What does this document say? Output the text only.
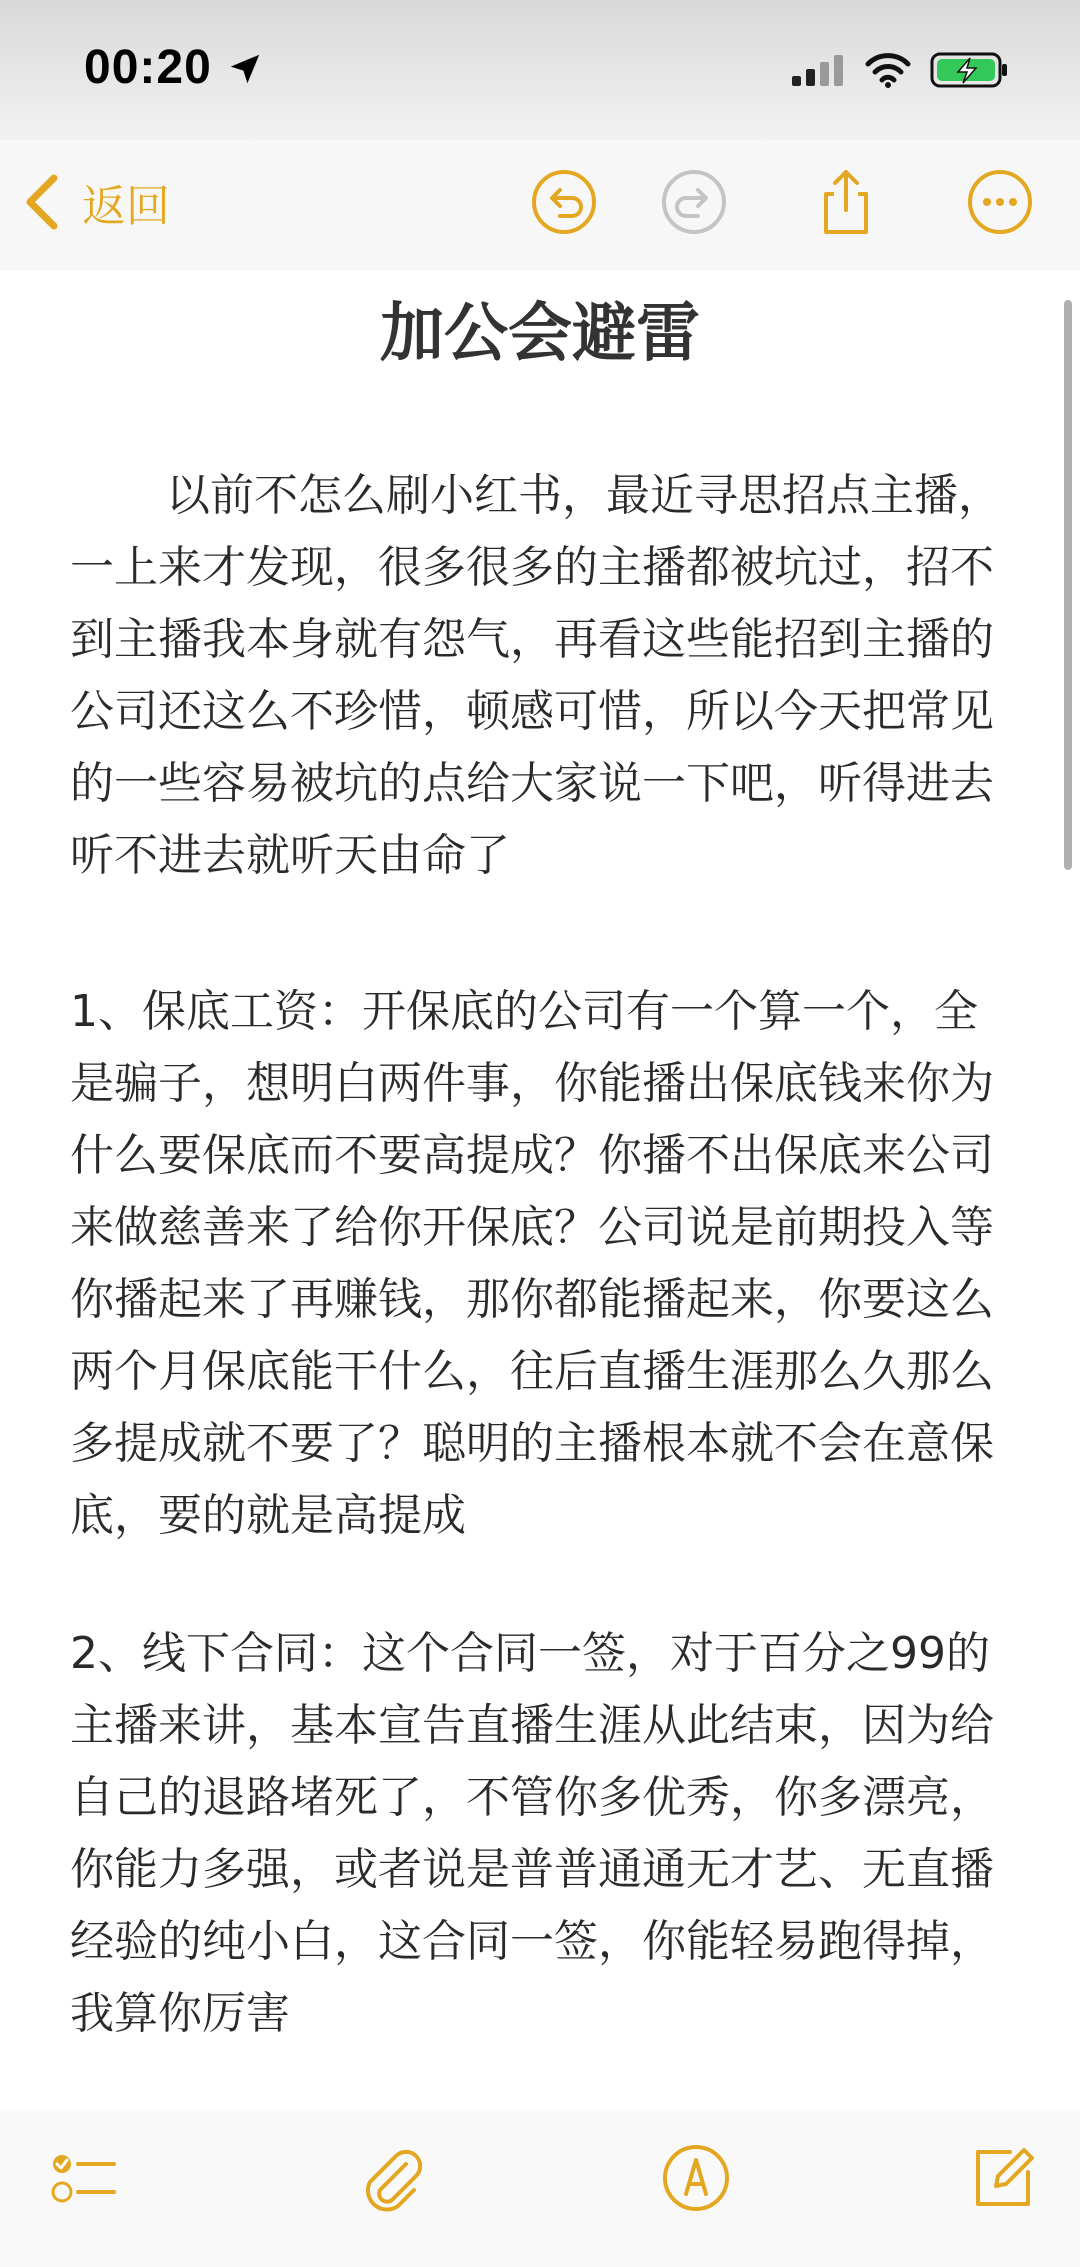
00:20
返回
加公会避雷

以前不怎么刷小红书，最近寻思招点主播，一上来才发现，很多很多的主播都被坑过，招不到主播我本身就有怨气，再看这些能招到主播的公司还这么不珍惜，顿感可惜，所以今天把常见的一些容易被坑的点给大家说一下吧，听得进去听不进去就听天由命了

1、保底工资：开保底的公司有一个算一个，全是骗子，想明白两件事，你能播出保底钱来你为什么要保底而不要高提成？你播不出保底来公司来做慈善来了给你开保底？公司说是前期投入等你播起来了再赚钱，那你都能播起来，你要这么两个月保底能干什么，往后直播生涯那么久那么多提成就不要了？聪明的主播根本就不会在意保底，要的就是高提成

2、线下合同：这个合同一签，对于百分之99的主播来讲，基本宣告直播生涯从此结束，因为给自己的退路堵死了，不管你多优秀，你多漂亮，你能力多强，或者说是普普通通无才艺、无直播经验的纯小白，这合同一签，你能轻易跑得掉，我算你厉害
